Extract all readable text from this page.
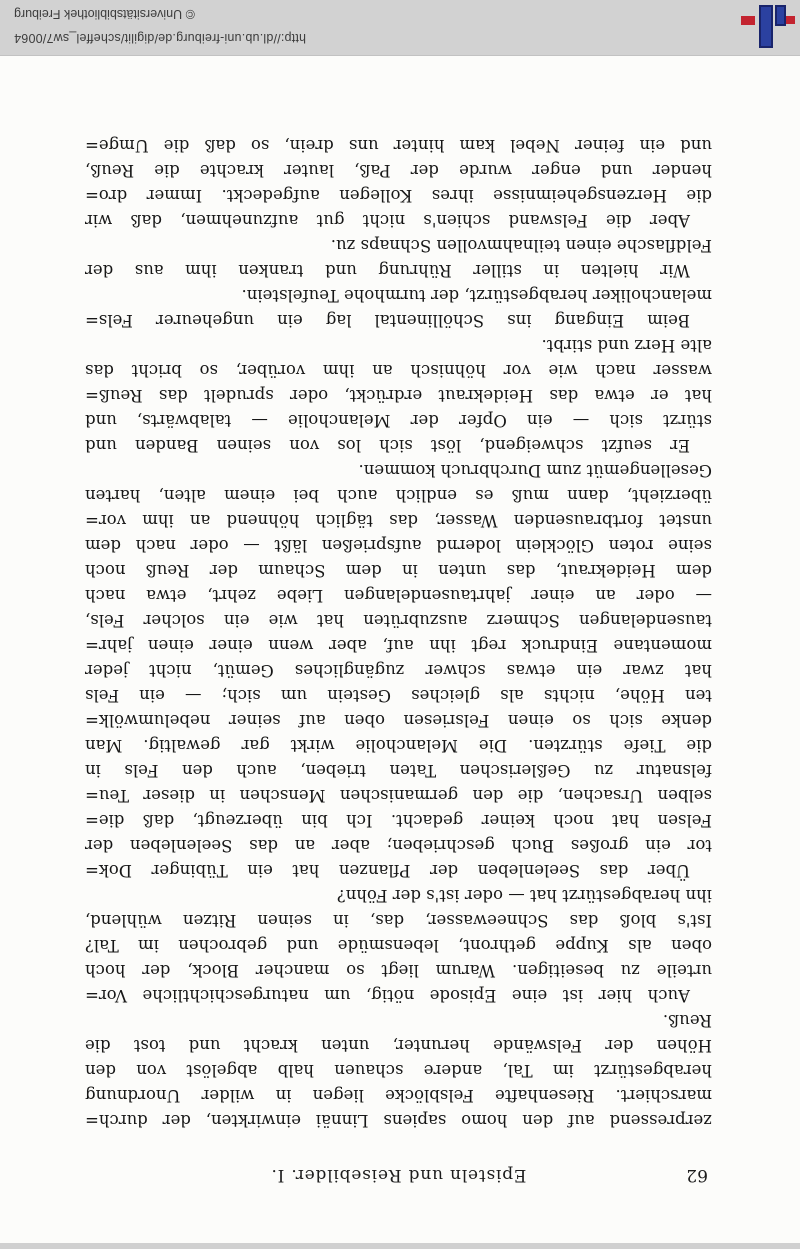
62
Episteln und Reisebilder. I.
zerpressend auf den homo sapiens Linnäi einwirkten, der durch=
marschiert. Riesenhafte Felsblöcke liegen in wilder Unordnung
herabgestürzt im Tal, andere schauen halb abgelöst von den
Höhen der Felswände herunter, unten kracht und tost die
Reuß.
Auch hier ist eine Episode nötig, um naturgeschichtliche Vor=
urteile zu beseitigen. Warum liegt so mancher Block, der hoch
oben als Kuppe gethront, lebensmüde und gebrochen im Tal?
Ist's bloß das Schneewasser, das, in seinen Ritzen wühlend,
ihn herabgestürzt hat — oder ist's der Föhn?
Über das Seelenleben der Pflanzen hat ein Tübinger Dok=
tor ein großes Buch geschrieben; aber an das Seelenleben der
Felsen hat noch keiner gedacht. Ich bin überzeugt, daß die=
selben Ursachen, die den germanischen Menschen in dieser Teu=
felsnatur zu Geßlerischen Taten trieben, auch den Fels in
die Tiefe stürzten. Die Melancholie wirkt gar gewaltig. Man
denke sich so einen Felsriesen oben auf seiner nebelumwölk=
ten Höhe, nichts als gleiches Gestein um sich; — ein Fels
hat zwar ein etwas schwer zugängliches Gemüt, nicht jeder
momentane Eindruck regt ihn auf, aber wenn einer einen jahr=
tausendelangen Schmerz auszubrüten hat wie ein solcher Fels,
— oder an einer jahrtausendelangen Liebe zehrt, etwa nach
dem Heidekraut, das unten in dem Schaum der Reuß noch
seine roten Glöcklein lodernd aufsprießen läßt — oder nach dem
unstet fortbrausenden Wasser, das täglich höhnend an ihm vor=
überzieht, dann muß es endlich auch bei einem alten, harten
Gesellengemüt zum Durchbruch kommen.
Er seufzt schweigend, löst sich los von seinen Banden und
stürzt sich — ein Opfer der Melancholie — talabwärts, und
hat er etwa das Heidekraut erdrückt, oder sprudelt das Reuß=
wasser nach wie vor höhnisch an ihm vorüber, so bricht das
alte Herz und stirbt.
Beim Eingang ins Schöllinental lag ein ungeheurer Fels=
melancholiker herabgestürzt, der turmhohe Teufelstein.
Wir hielten in stiller Rührung und tranken ihm aus der
Feldflasche einen teilnahmvollen Schnaps zu.
Aber die Felswand schien's nicht gut aufzunehmen, daß wir
die Herzensgeheimnisse ihres Kollegen aufgedeckt. Immer dro=
hender und enger wurde der Paß, lauter krachte die Reuß,
und ein feiner Nebel kam hinter uns drein, so daß die Umge=
http://dl.ub.uni-freiburg.de/digilit/scheffel_sw7/0064
© Universitätsbibliothek Freiburg
